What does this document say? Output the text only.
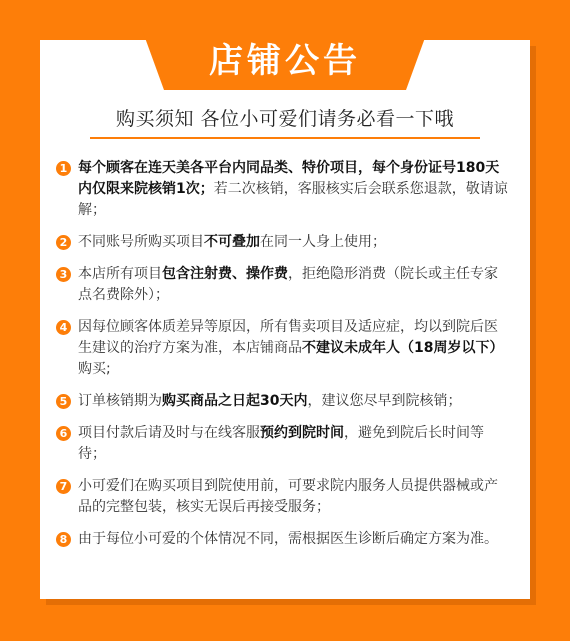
店铺公告
购买须知 各位小可爱们请务必看一下哦
1 每个顾客在连天美各平台内同品类、特价项目，每个身份证号180天内仅限来院核销1次；若二次核销，客服核实后会联系您退款，敬请谅解；
2 不同账号所购买项目不可叠加在同一人身上使用；
3 本店所有项目包含注射费、操作费，拒绝隐形消费（院长或主任专家点名费除外）；
4 因每位顾客体质差异等原因，所有售卖项目及适应症，均以到院后医生建议的治疗方案为准，本店铺商品不建议未成年人（18周岁以下）购买;
5 订单核销期为购买商品之日起30天内，建议您尽早到院核销；
6 项目付款后请及时与在线客服预约到院时间，避免到院后长时间等待；
7 小可爱们在购买项目到院使用前，可要求院内服务人员提供器械或产品的完整包装，核实无误后再接受服务；
8 由于每位小可爱的个体情况不同，需根据医生诊断后确定方案为准。
